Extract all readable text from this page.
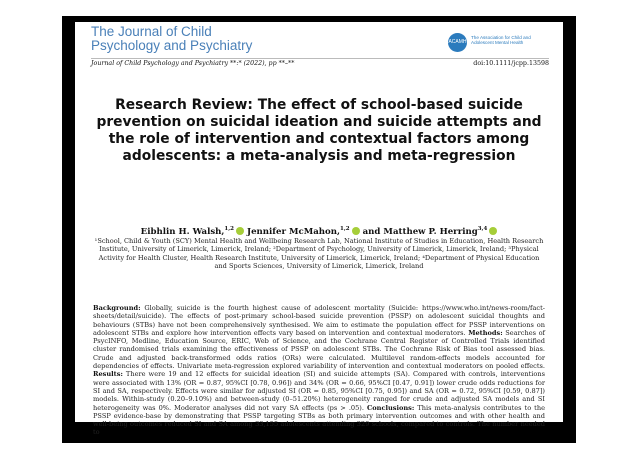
The Journal of Child
Psychology and Psychiatry	ACAMH
The Association for Child and Adolescent Mental Health
Journal of Child Psychology and Psychiatry **:* (2022), pp **–**	doi:10.1111/jcpp.13598
Research Review: The effect of school-based suicide prevention on suicidal ideation and suicide attempts and the role of intervention and contextual factors among adolescents: a meta-analysis and meta-regression
Eibhlin H. Walsh,$^{1,2}$ Jennifer McMahon,$^{1,2}$ and Matthew P. Herring$^{3,4}$
¹School, Child & Youth (SCY) Mental Health and Wellbeing Research Lab, National Institute of Studies in Education, Health Research Institute, University of Limerick, Limerick, Ireland; ²Department of Psychology, University of Limerick, Limerick, Ireland; ³Physical Activity for Health Cluster, Health Research Institute, University of Limerick, Limerick, Ireland; ⁴Department of Physical Education and Sports Sciences, University of Limerick, Limerick, Ireland
Background: Globally, suicide is the fourth highest cause of adolescent mortality (Suicide: https://www.who.int/news-room/fact-sheets/detail/suicide). The effects of post-primary school-based suicide prevention (PSSP) on adolescent suicidal thoughts and behaviours (STBs) have not been comprehensively synthesised. We aim to estimate the population effect for PSSP interventions on adolescent STBs and explore how intervention effects vary based on intervention and contextual moderators. Methods: Searches of PsycINFO, Medline, Education Source, ERIC, Web of Science, and the Cochrane Central Register of Controlled Trials identified cluster randomised trials examining the effectiveness of PSSP on adolescent STBs. The Cochrane Risk of Bias tool assessed bias. Crude and adjusted back-transformed odds ratios (ORs) were calculated. Multilevel random-effects models accounted for dependencies of effects. Univariate meta-regression explored variability of intervention and contextual moderators on pooled effects. Results: There were 19 and 12 effects for suicidal ideation (SI) and suicide attempts (SA). Compared with controls, interventions were associated with 13% (OR = 0.87, 95%CI [0.78, 0.96]) and 34% (OR = 0.66, 95%CI [0.47, 0.91]) lower crude odds reductions for SI and SA, respectively. Effects were similar for adjusted SI (OR = 0.85, 95%CI [0.75, 0.95]) and SA (OR = 0.72, 95%CI [0.59, 0.87]) models. Within-study (0.20–9.10%) and between-study (0–51.20%) heterogeneity ranged for crude and adjusted SA models and SI heterogeneity was 0%. Moderator analyses did not vary SA effects (ps > .05). Conclusions: This meta-analysis contributes to the PSSP evidence-base by demonstrating that PSSP targeting STBs as both primary intervention outcomes and with other health and well-being outcomes reduced SI and SA among 33,155 adolescents attending 329 schools, compared to controls. The number needed to
